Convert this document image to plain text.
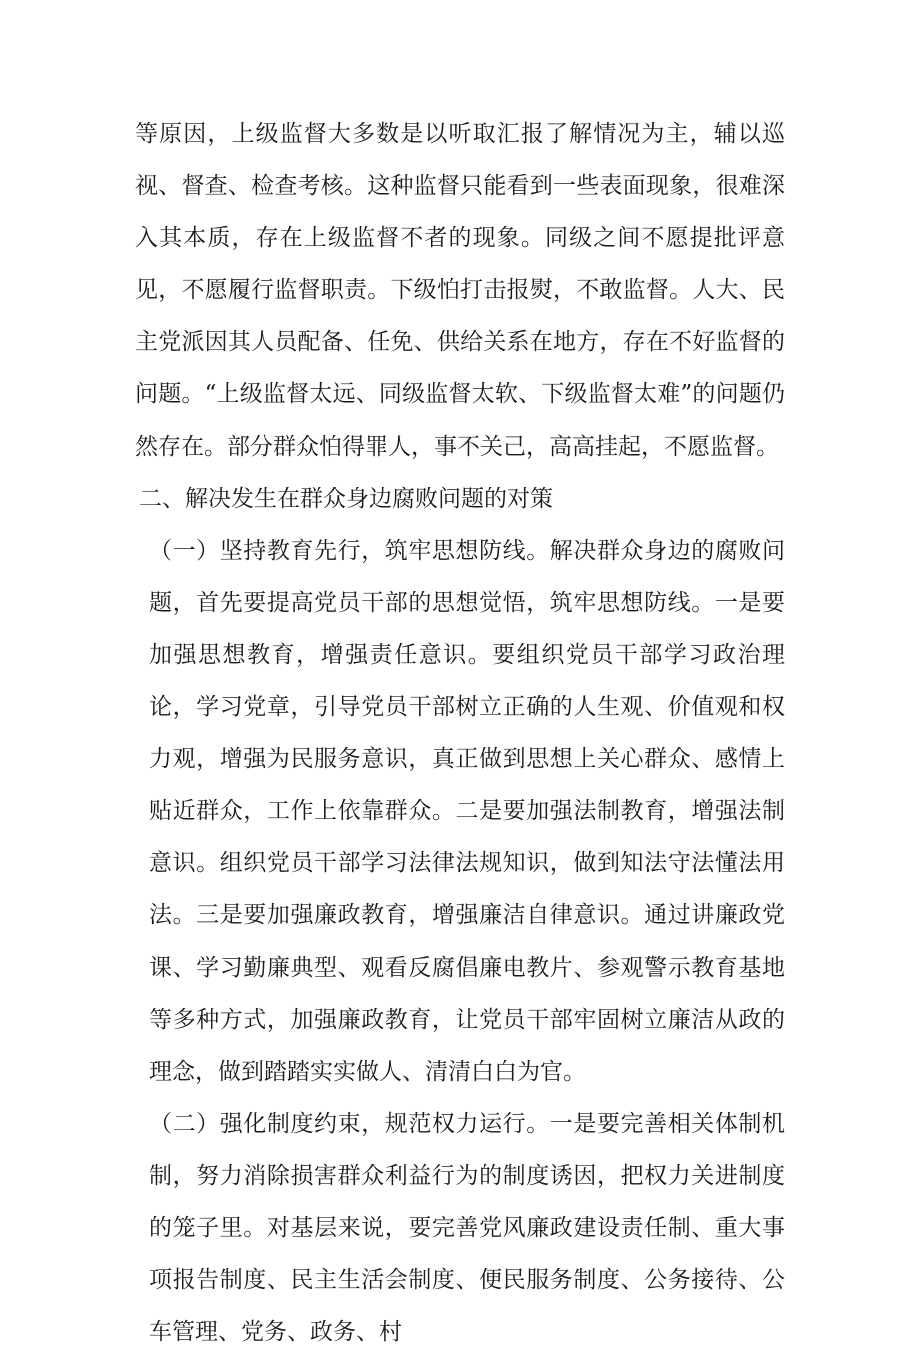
等原因，上级监督大多数是以听取汇报了解情况为主，辅以巡视、督查、检查考核。这种监督只能看到一些表面现象，很难深入其本质，存在上级监督不者的现象。同级之间不愿提批评意见，不愿履行监督职责。下级怕打击报熨，不敢监督。人大、民主党派因其人员配备、任免、供给关系在地方，存在不好监督的问题。“上级监督太远、同级监督太软、下级监督太难”的问题仍然存在。部分群众怕得罪人，事不关己，高高挂起，不愿监督。

二、解决发生在群众身边腐败问题的对策

（一）坚持教育先行，筑牢思想防线。解决群众身边的腐败问题，首先要提高党员干部的思想觉悟，筑牢思想防线。一是要加强思想教育，增强责任意识。要组织党员干部学习政治理论，学习党章，引导党员干部树立正确的人生观、价值观和权力观，增强为民服务意识，真正做到思想上关心群众、感情上贴近群众，工作上依靠群众。二是要加强法制教育，增强法制意识。组织党员干部学习法律法规知识，做到知法守法懂法用法。三是要加强廉政教育，增强廉洁自律意识。通过讲廉政党课、学习勤廉典型、观看反腐倡廉电教片、参观警示教育基地等多种方式，加强廉政教育，让党员干部牢固树立廉洁从政的理念，做到踏踏实实做人、清清白白为官。

（二）强化制度约束，规范权力运行。一是要完善相关体制机制，努力消除损害群众利益行为的制度诱因，把权力关进制度的笼子里。对基层来说，要完善党风廉政建设责任制、重大事项报告制度、民主生活会制度、便民服务制度、公务接待、公车管理、党务、政务、村
